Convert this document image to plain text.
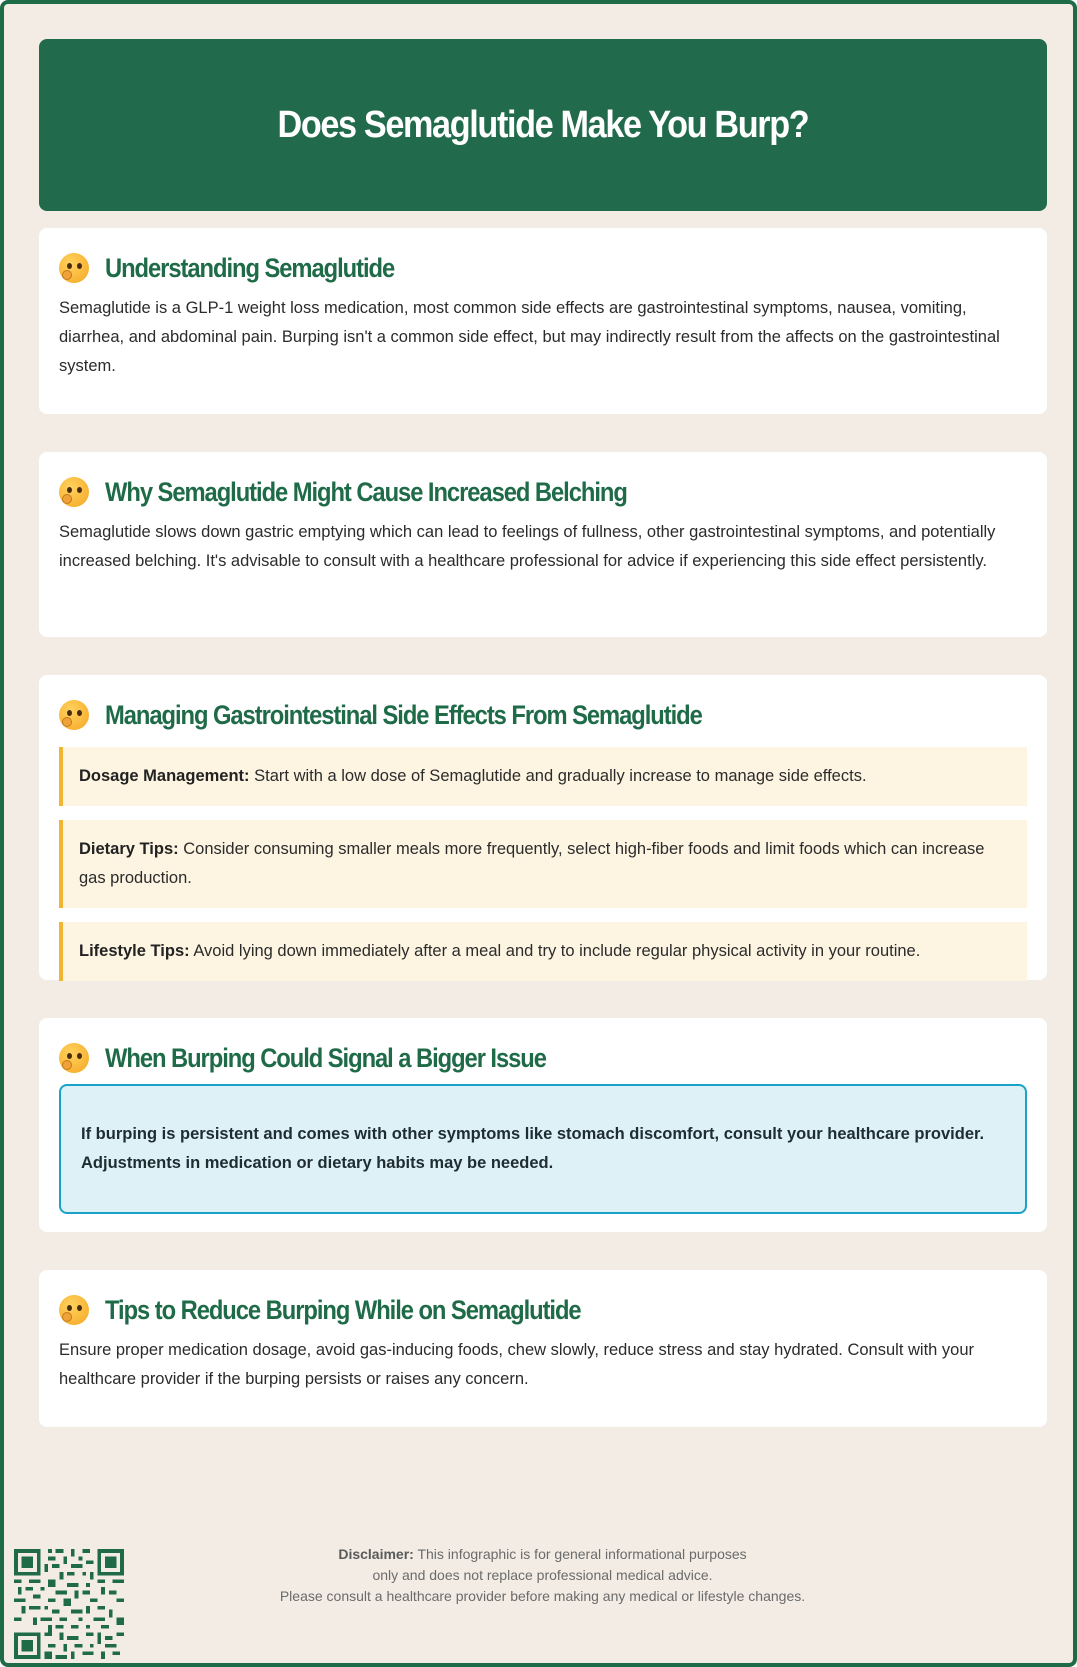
Does Semaglutide Make You Burp?
Understanding Semaglutide

Semaglutide is a GLP-1 weight loss medication, most common side effects are gastrointestinal symptoms, nausea, vomiting, diarrhea, and abdominal pain. Burping isn't a common side effect, but may indirectly result from the affects on the gastrointestinal system.

Why Semaglutide Might Cause Increased Belching

Semaglutide slows down gastric emptying which can lead to feelings of fullness, other gastrointestinal symptoms, and potentially increased belching. It's advisable to consult with a healthcare professional for advice if experiencing this side effect persistently.

Managing Gastrointestinal Side Effects From Semaglutide
Dosage Management: Start with a low dose of Semaglutide and gradually increase to manage side effects.
Dietary Tips: Consider consuming smaller meals more frequently, select high-fiber foods and limit foods which can increase gas production.
Lifestyle Tips: Avoid lying down immediately after a meal and try to include regular physical activity in your routine.
When Burping Could Signal a Bigger Issue
If burping is persistent and comes with other symptoms like stomach discomfort, consult your healthcare provider. Adjustments in medication or dietary habits may be needed.
Tips to Reduce Burping While on Semaglutide

Ensure proper medication dosage, avoid gas-inducing foods, chew slowly, reduce stress and stay hydrated. Consult with your healthcare provider if the burping persists or raises any concern.

Disclaimer: This infographic is for general informational purposes
only and does not replace professional medical advice.
Please consult a healthcare provider before making any medical or lifestyle changes.
